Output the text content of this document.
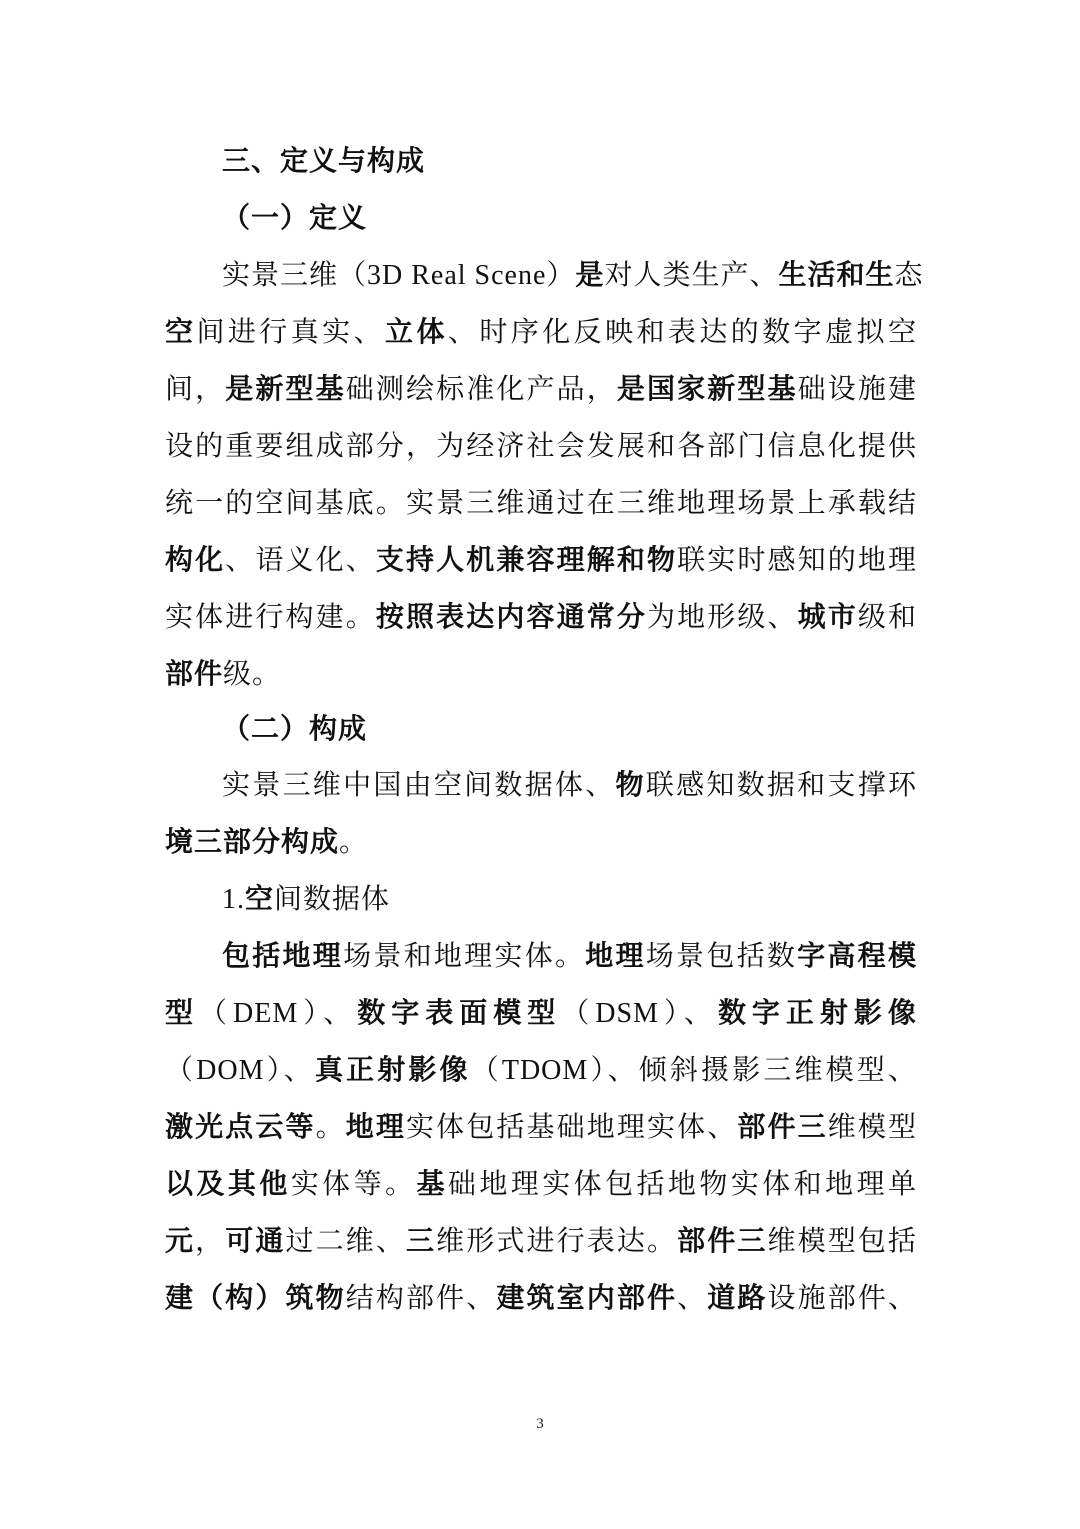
三、定义与构成
（一）定义
实景三维（3D Real Scene）是对人类生产、生活和生态
空间进行真实、立体、时序化反映和表达的数字虚拟空
间，是新型基础测绘标准化产品，是国家新型基础设施建
设的重要组成部分，为经济社会发展和各部门信息化提供
统一的空间基底。实景三维通过在三维地理场景上承载结
构化、语义化、支持人机兼容理解和物联实时感知的地理
实体进行构建。按照表达内容通常分为地形级、城市级和
部件级。
（二）构成
实景三维中国由空间数据体、物联感知数据和支撑环
境三部分构成。
1.空间数据体
包括地理场景和地理实体。地理场景包括数字高程模
型（DEM）、数字表面模型（DSM）、数字正射影像
（DOM）、真正射影像（TDOM）、倾斜摄影三维模型、
激光点云等。地理实体包括基础地理实体、部件三维模型
以及其他实体等。基础地理实体包括地物实体和地理单
元，可通过二维、三维形式进行表达。部件三维模型包括
建（构）筑物结构部件、建筑室内部件、道路设施部件、
3
